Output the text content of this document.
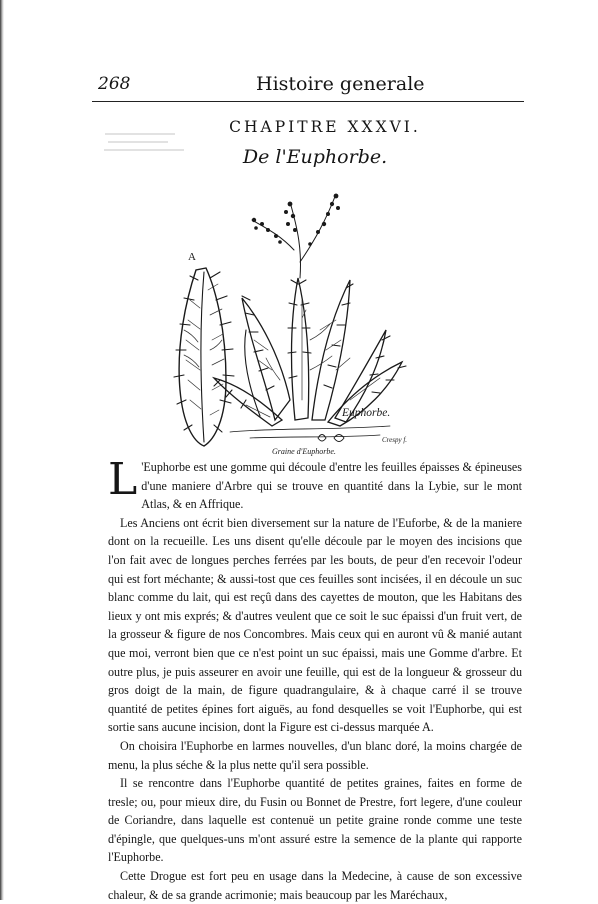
268	Histoire generale
CHAPITRE XXXVI.
De l'Euphorbe.
A
Euphorbe.
Crespy f.
Graine d'Euphorbe.

L 'Euphorbe est une gomme qui découle d'entre les feuilles épaisses & épineuses d'une maniere d'Arbre qui se trouve en quantité dans la Lybie, sur le mont Atlas, & en Affrique.

Les Anciens ont écrit bien diversement sur la nature de l'Euforbe, & de la maniere dont on la recueille. Les uns disent qu'elle découle par le moyen des incisions que l'on fait avec de longues perches ferrées par les bouts, de peur d'en recevoir l'odeur qui est fort méchante; & aussi-tost que ces feuilles sont incisées, il en découle un suc blanc comme du lait, qui est reçû dans des cayettes de mouton, que les Habitans des lieux y ont mis exprés; & d'autres veulent que ce soit le suc épaissi d'un fruit vert, de la grosseur & figure de nos Concombres. Mais ceux qui en auront vû & manié autant que moi, verront bien que ce n'est point un suc épaissi, mais une Gomme d'arbre. Et outre plus, je puis asseurer en avoir une feuille, qui est de la longueur & grosseur du gros doigt de la main, de figure quadrangulaire, & à chaque carré il se trouve quantité de petites épines fort aiguës, au fond desquelles se voit l'Euphorbe, qui est sortie sans aucune incision, dont la Figure est ci-dessus marquée A.

On choisira l'Euphorbe en larmes nouvelles, d'un blanc doré, la moins chargée de menu, la plus séche & la plus nette qu'il sera possible.

Il se rencontre dans l'Euphorbe quantité de petites graines, faites en forme de tresle; ou, pour mieux dire, du Fusin ou Bonnet de Prestre, fort legere, d'une couleur de Coriandre, dans laquelle est contenuë un petite graine ronde comme une teste d'épingle, que quelques-uns m'ont assuré estre la semence de la plante qui rapporte l'Euphorbe.

Cette Drogue est fort peu en usage dans la Medecine, à cause de son excessive chaleur, & de sa grande acrimonie; mais beaucoup par les Maréchaux,
